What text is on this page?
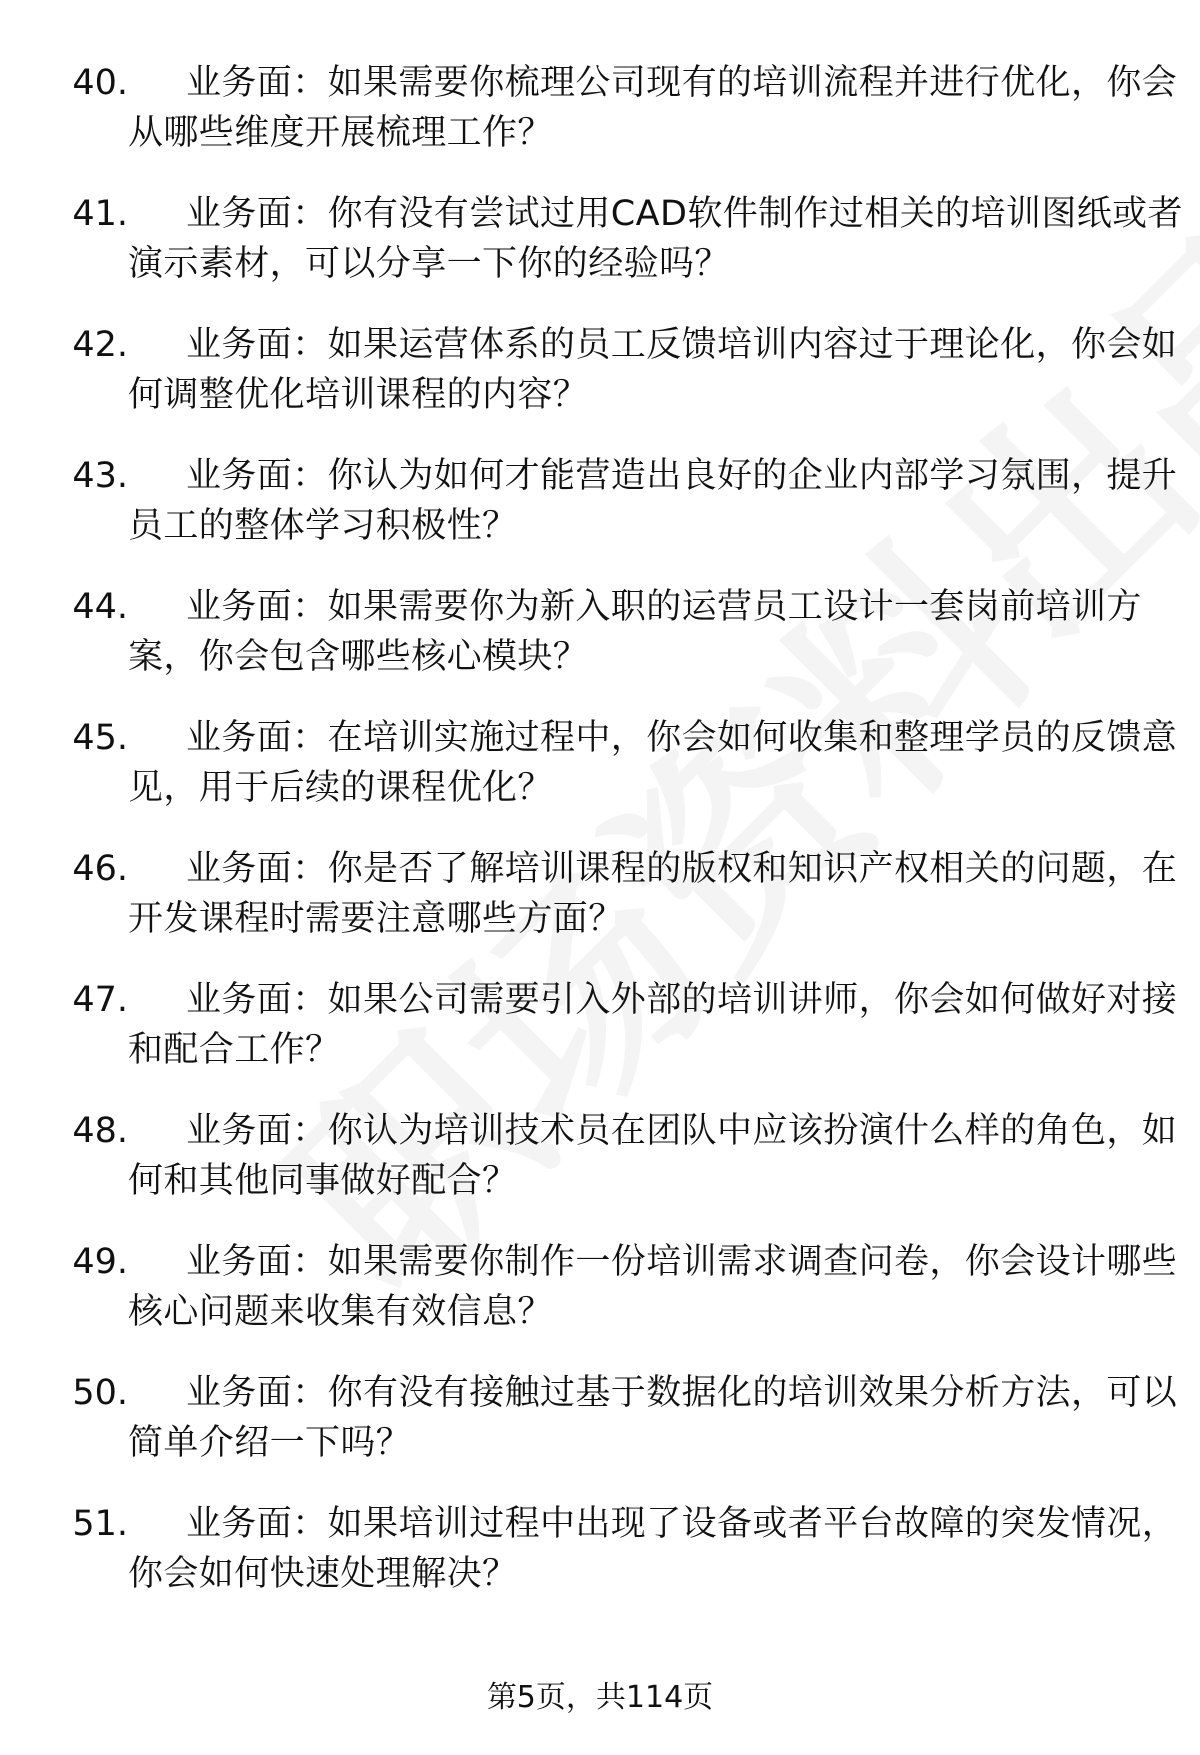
40. 业务面：如果需要你梳理公司现有的培训流程并进行优化，你会
从哪些维度开展梳理工作？
41. 业务面：你有没有尝试过用CAD软件制作过相关的培训图纸或者
演示素材，可以分享一下你的经验吗？
42. 业务面：如果运营体系的员工反馈培训内容过于理论化，你会如
何调整优化培训课程的内容？
43. 业务面：你认为如何才能营造出良好的企业内部学习氛围，提升
员工的整体学习积极性？
44. 业务面：如果需要你为新入职的运营员工设计一套岗前培训方
案，你会包含哪些核心模块？
45. 业务面：在培训实施过程中，你会如何收集和整理学员的反馈意
见，用于后续的课程优化？
46. 业务面：你是否了解培训课程的版权和知识产权相关的问题，在
开发课程时需要注意哪些方面？
47. 业务面：如果公司需要引入外部的培训讲师，你会如何做好对接
和配合工作？
48. 业务面：你认为培训技术员在团队中应该扮演什么样的角色，如
何和其他同事做好配合？
49. 业务面：如果需要你制作一份培训需求调查问卷，你会设计哪些
核心问题来收集有效信息？
50. 业务面：你有没有接触过基于数据化的培训效果分析方法，可以
简单介绍一下吗？
51. 业务面：如果培训过程中出现了设备或者平台故障的突发情况，
你会如何快速处理解决？
第5页，共114页
